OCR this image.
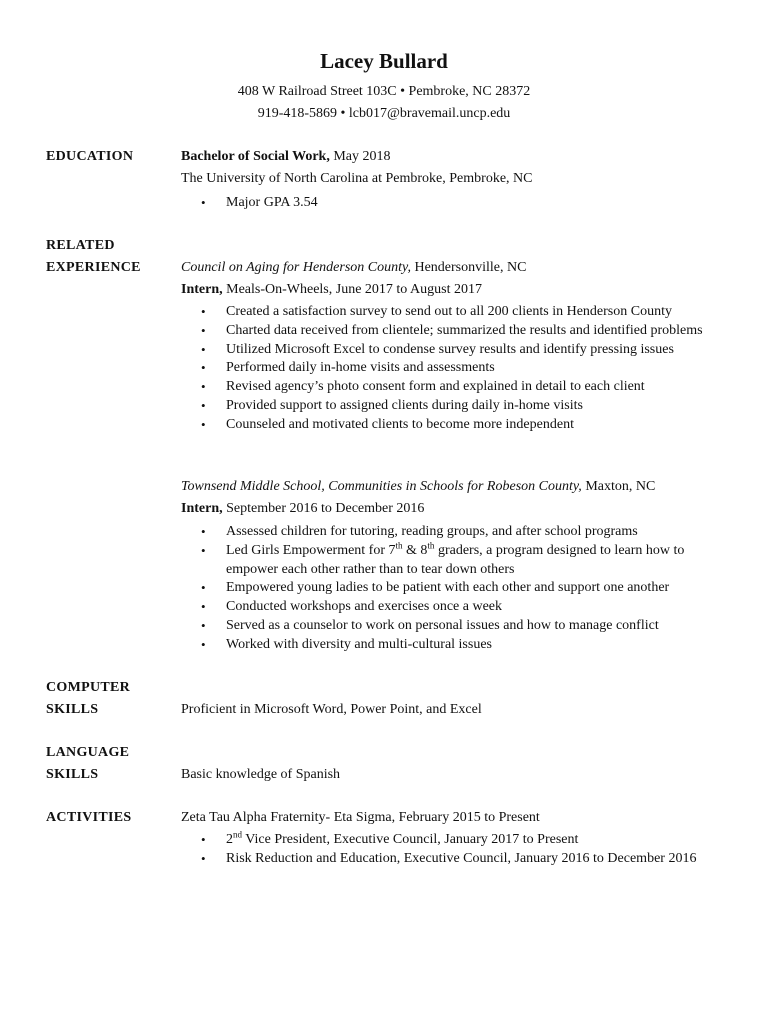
Lacey Bullard
408 W Railroad Street 103C • Pembroke, NC 28372
919-418-5869 • lcb017@bravemail.uncp.edu
EDUCATION	Bachelor of Social Work, May 2018
The University of North Carolina at Pembroke, Pembroke, NC
• Major GPA 3.54
RELATED
EXPERIENCE	Council on Aging for Henderson County, Hendersonville, NC
Intern, Meals-On-Wheels, June 2017 to August 2017
• Created a satisfaction survey to send out to all 200 clients in Henderson County
• Charted data received from clientele; summarized the results and identified problems
• Utilized Microsoft Excel to condense survey results and identify pressing issues
• Performed daily in-home visits and assessments
• Revised agency’s photo consent form and explained in detail to each client
• Provided support to assigned clients during daily in-home visits
• Counseled and motivated clients to become more independent
Townsend Middle School, Communities in Schools for Robeson County, Maxton, NC
Intern, September 2016 to December 2016
• Assessed children for tutoring, reading groups, and after school programs
• Led Girls Empowerment for 7th & 8th graders, a program designed to learn how to empower each other rather than to tear down others
• Empowered young ladies to be patient with each other and support one another
• Conducted workshops and exercises once a week
• Served as a counselor to work on personal issues and how to manage conflict
• Worked with diversity and multi-cultural issues
COMPUTER
SKILLS	Proficient in Microsoft Word, Power Point, and Excel
LANGUAGE
SKILLS	Basic knowledge of Spanish
ACTIVITIES	Zeta Tau Alpha Fraternity- Eta Sigma, February 2015 to Present
• 2nd Vice President, Executive Council, January 2017 to Present
• Risk Reduction and Education, Executive Council, January 2016 to December 2016
